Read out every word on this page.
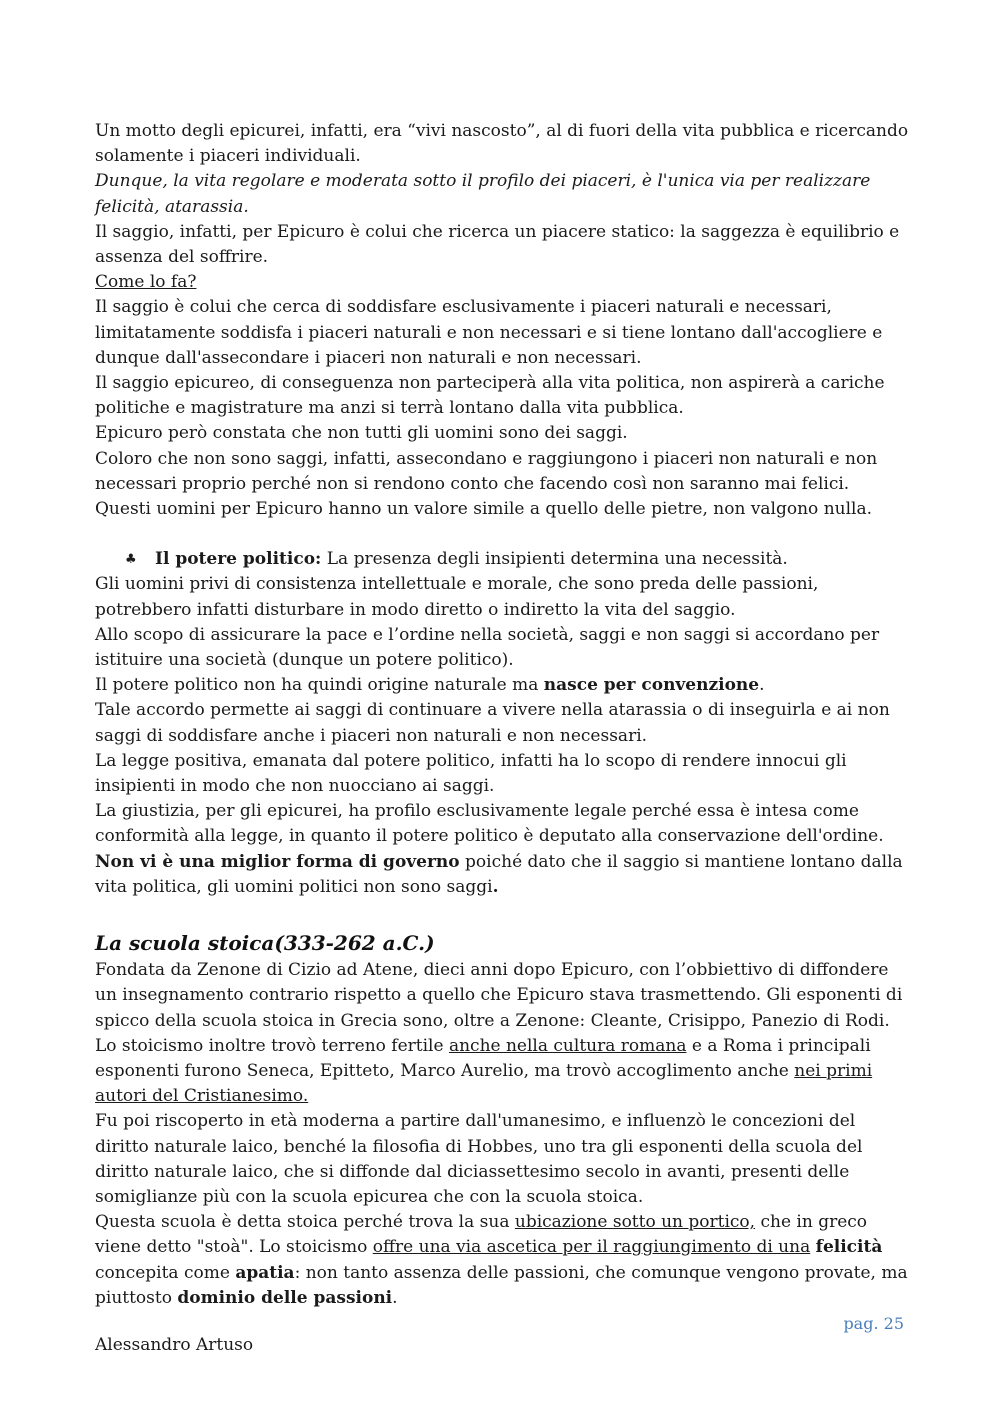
Un motto degli epicurei, infatti, era “vivi nascosto”, al di fuori della vita pubblica e ricercando solamente i piaceri individuali.

Dunque, la vita regolare e moderata sotto il profilo dei piaceri, è l'unica via per realizzare felicità, atarassia.

Il saggio, infatti, per Epicuro è colui che ricerca un piacere statico: la saggezza è equilibrio e assenza del soffrire.

Come lo fa?

Il saggio è colui che cerca di soddisfare esclusivamente i piaceri naturali e necessari, limitatamente soddisfa i piaceri naturali e non necessari e si tiene lontano dall'accogliere e dunque dall'assecondare i piaceri non naturali e non necessari.

Il saggio epicureo, di conseguenza non parteciperà alla vita politica, non aspirerà a cariche politiche e magistrature ma anzi si terrà lontano dalla vita pubblica.

Epicuro però constata che non tutti gli uomini sono dei saggi.

Coloro che non sono saggi, infatti, assecondano e raggiungono i piaceri non naturali e non necessari proprio perché non si rendono conto che facendo così non saranno mai felici.

Questi uomini per Epicuro hanno un valore simile a quello delle pietre, non valgono nulla.

♣	Il potere politico: La presenza degli insipienti determina una necessità.

Gli uomini privi di consistenza intellettuale e morale, che sono preda delle passioni, potrebbero infatti disturbare in modo diretto o indiretto la vita del saggio.

Allo scopo di assicurare la pace e l’ordine nella società, saggi e non saggi si accordano per istituire una società (dunque un potere politico).

Il potere politico non ha quindi origine naturale ma nasce per convenzione.

Tale accordo permette ai saggi di continuare a vivere nella atarassia o di inseguirla e ai non saggi di soddisfare anche i piaceri non naturali e non necessari.

La legge positiva, emanata dal potere politico, infatti ha lo scopo di rendere innocui gli insipienti in modo che non nuocciano ai saggi.

La giustizia, per gli epicurei, ha profilo esclusivamente legale perché essa è intesa come conformità alla legge, in quanto il potere politico è deputato alla conservazione dell'ordine.

Non vi è una miglior forma di governo poiché dato che il saggio si mantiene lontano dalla vita politica, gli uomini politici non sono saggi.

La scuola stoica(333-262 a.C.)

Fondata da Zenone di Cizio ad Atene, dieci anni dopo Epicuro, con l’obbiettivo di diffondere un insegnamento contrario rispetto a quello che Epicuro stava trasmettendo. Gli esponenti di spicco della scuola stoica in Grecia sono, oltre a Zenone: Cleante, Crisippo, Panezio di Rodi.

Lo stoicismo inoltre trovò terreno fertile anche nella cultura romana e a Roma i principali esponenti furono Seneca, Epitteto, Marco Aurelio, ma trovò accoglimento anche nei primi autori del Cristianesimo.

Fu poi riscoperto in età moderna a partire dall'umanesimo, e influenzò le concezioni del diritto naturale laico, benché la filosofia di Hobbes, uno tra gli esponenti della scuola del diritto naturale laico, che si diffonde dal diciassettesimo secolo in avanti, presenti delle somiglianze più con la scuola epicurea che con la scuola stoica.

Questa scuola è detta stoica perché trova la sua ubicazione sotto un portico, che in greco viene detto "stoà". Lo stoicismo offre una via ascetica per il raggiungimento di una felicità concepita come apatia: non tanto assenza delle passioni, che comunque vengono provate, ma piuttosto dominio delle passioni.

pag. 25
Alessandro Artuso
